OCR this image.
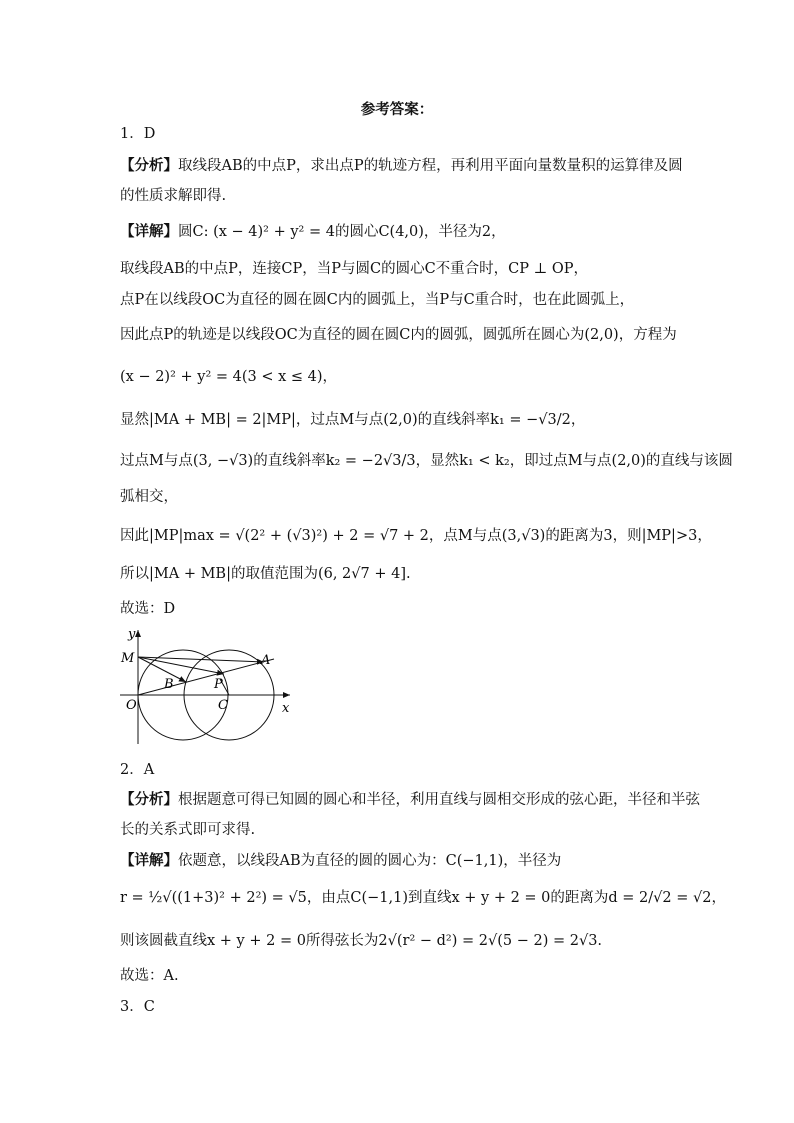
参考答案：
1．D
【分析】取线段AB的中点P，求出点P的轨迹方程，再利用平面向量数量积的运算律及圆
的性质求解即得.
【详解】圆C: (x − 4)² + y² = 4的圆心C(4,0)，半径为2，
取线段AB的中点P，连接CP，当P与圆C的圆心C不重合时，CP ⊥ OP，
点P在以线段OC为直径的圆在圆C内的圆弧上，当P与C重合时，也在此圆弧上，
因此点P的轨迹是以线段OC为直径的圆在圆C内的圆弧，圆弧所在圆心为(2,0)，方程为
(x − 2)² + y² = 4(3 < x ≤ 4)，
显然|MA + MB| = 2|MP|，过点M与点(2,0)的直线斜率k₁ = −√3/2，
过点M与点(3, −√3)的直线斜率k₂ = −2√3/3，显然k₁ < k₂，即过点M与点(2,0)的直线与该圆
弧相交，
因此|MP|max = √(2² + (√3)²) + 2 = √7 + 2，点M与点(3,√3)的距离为3，则|MP|>3，
所以|MA + MB|的取值范围为(6, 2√7 + 4].
故选：D
y
x
M	A
B	P
O	C
2．A
【分析】根据题意可得已知圆的圆心和半径，利用直线与圆相交形成的弦心距，半径和半弦
长的关系式即可求得.
【详解】依题意，以线段AB为直径的圆的圆心为：C(−1,1)，半径为
r = ½√((1+3)² + 2²) = √5，由点C(−1,1)到直线x + y + 2 = 0的距离为d = 2/√2 = √2，
则该圆截直线x + y + 2 = 0所得弦长为2√(r² − d²) = 2√(5 − 2) = 2√3.
故选：A.
3．C
